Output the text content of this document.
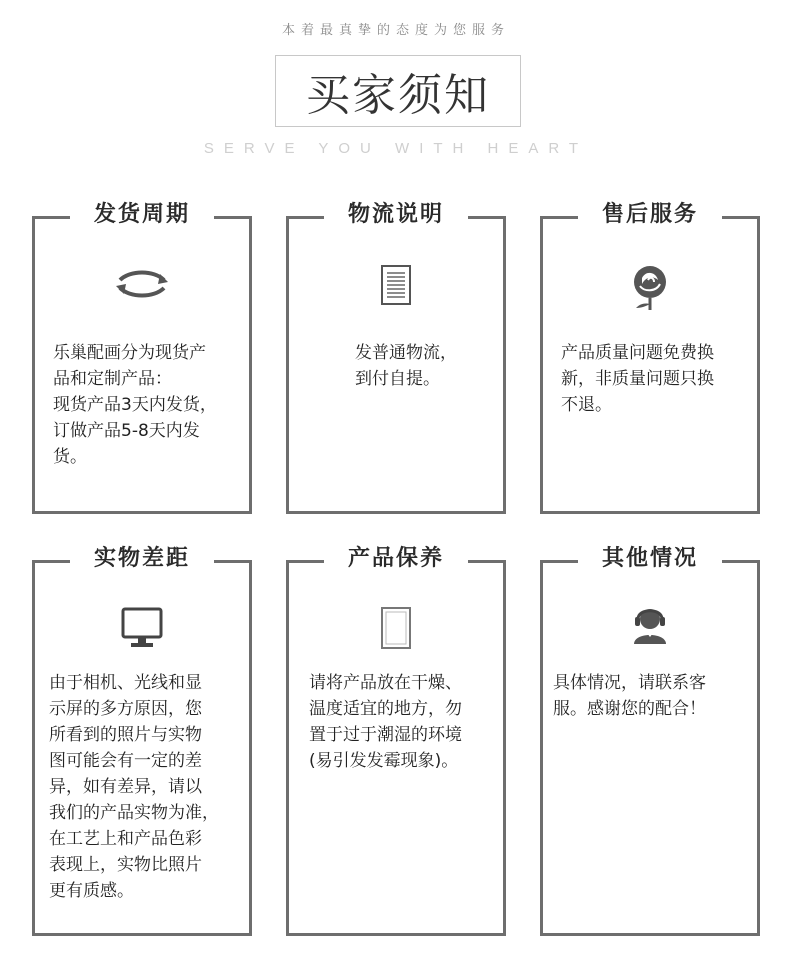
本着最真挚的态度为您服务
买家须知
SERVE YOU WITH HEART
发货周期
乐巢配画分为现货产
品和定制产品：
现货产品3天内发货，
订做产品5-8天内发
货。
物流说明
发普通物流，
到付自提。
售后服务
产品质量问题免费换
新，非质量问题只换
不退。
实物差距
由于相机、光线和显
示屏的多方原因，您
所看到的照片与实物
图可能会有一定的差
异，如有差异，请以
我们的产品实物为准，
在工艺上和产品色彩
表现上，实物比照片
更有质感。
产品保养
请将产品放在干燥、
温度适宜的地方，勿
置于过于潮湿的环境
(易引发发霉现象)。
其他情况
具体情况，请联系客
服。感谢您的配合！
